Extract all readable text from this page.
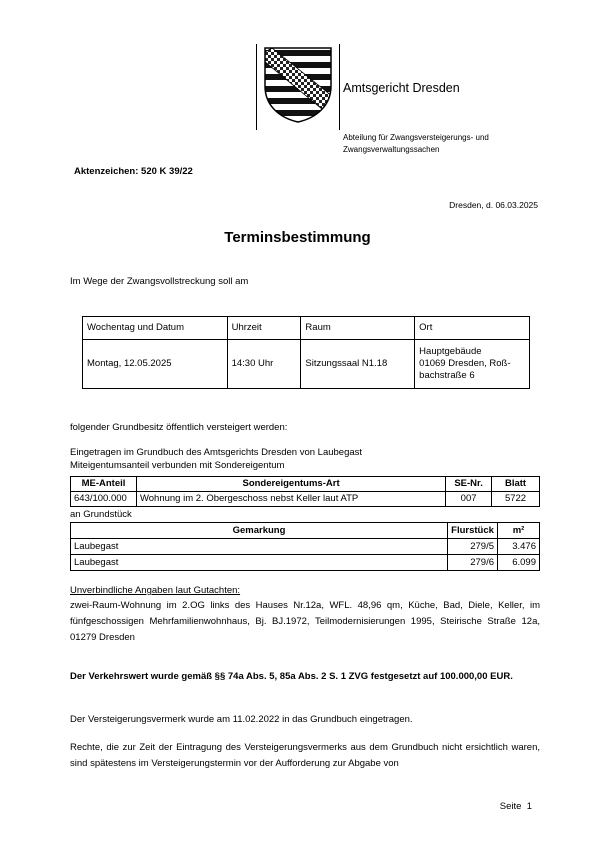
Amtsgericht Dresden
Abteilung für Zwangsversteigerungs- und
Zwangsverwaltungssachen
Aktenzeichen: 520 K 39/22
Dresden, d. 06.03.2025
Terminsbestimmung
Im Wege der Zwangsvollstreckung soll am
Wochentag und Datum	Uhrzeit	Raum	Ort
Montag, 12.05.2025	14:30 Uhr	Sitzungssaal N1.18	Hauptgebäude
01069 Dresden, Roß-
bachstraße 6
folgender Grundbesitz öffentlich versteigert werden:
Eingetragen im Grundbuch des Amtsgerichts Dresden von Laubegast
Miteigentumsanteil verbunden mit Sondereigentum
ME-Anteil	Sondereigentums-Art	SE-Nr.	Blatt
643/100.000	Wohnung im 2. Obergeschoss nebst Keller laut ATP	007	5722
an Grundstück
Gemarkung	Flurstück	m²
Laubegast	279/5	3.476
Laubegast	279/6	6.099
Unverbindliche Angaben laut Gutachten:
zwei-Raum-Wohnung im 2.OG links des Hauses Nr.12a, WFL. 48,96 qm, Küche, Bad, Diele, Keller, im fünfgeschossigen Mehrfamilienwohnhaus, Bj. BJ.1972, Teilmodernisierungen 1995, Steirische Straße 12a, 01279 Dresden
Der Verkehrswert wurde gemäß §§ 74a Abs. 5, 85a Abs. 2 S. 1 ZVG festgesetzt auf 100.000,00 EUR.
Der Versteigerungsvermerk wurde am 11.02.2022 in das Grundbuch eingetragen.
Rechte, die zur Zeit der Eintragung des Versteigerungsvermerks aus dem Grundbuch nicht ersichtlich waren, sind spätestens im Versteigerungstermin vor der Aufforderung zur Abgabe von
Seite 1
